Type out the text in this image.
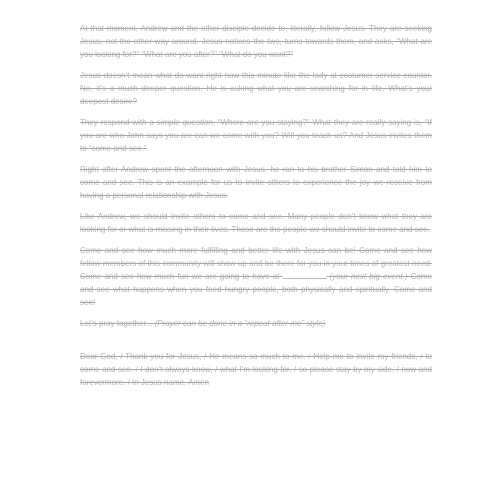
At that moment, Andrew and the other disciple decide to, literally, follow Jesus. They are seeking Jesus, not the other way around. Jesus notices the two, turns towards them, and asks, “What are you looking for?” “What are you after?” “What do you want?”

Jesus doesn’t mean what do want right now this minute like the lady at costumer service counter. No, it’s a much deeper question. He is asking what you are searching for in life. What’s your deepest desire?

They respond with a simple question, “Where are you staying?” What they are really saying is, “If you are who John says you are can we come with you? Will you teach us? And Jesus invites them to “come and see.”

Right after Andrew spent the afternoon with Jesus, he ran to his brother Simon and told him to come and see. This is an example for us to invite others to experience the joy we receive from having a personal relationship with Jesus.

Like Andrew, we should invite others to come and see. Many people don’t know what they are looking for or what is missing in their lives. Those are the people we should invite to come and see.

Come and see how much more fulfilling and better life with Jesus can be! Come and see how fellow members of this community will show up and be there for you in your times of greatest need. Come and see how much fun we are going to have at	(your next big event.) Come and see what happens when you feed hungry people, both physically and spiritually. Come and see!

Let’s pray together... (Prayer can be done in a “repeat after me” style)

Dear God, / Thank you for Jesus, / He means so much to me. / Help me to invite my friends, / to come and see. / I don’t always know, / what I’m looking for, / so please stay by my side, / now and forevermore. / In Jesus name, Amen
